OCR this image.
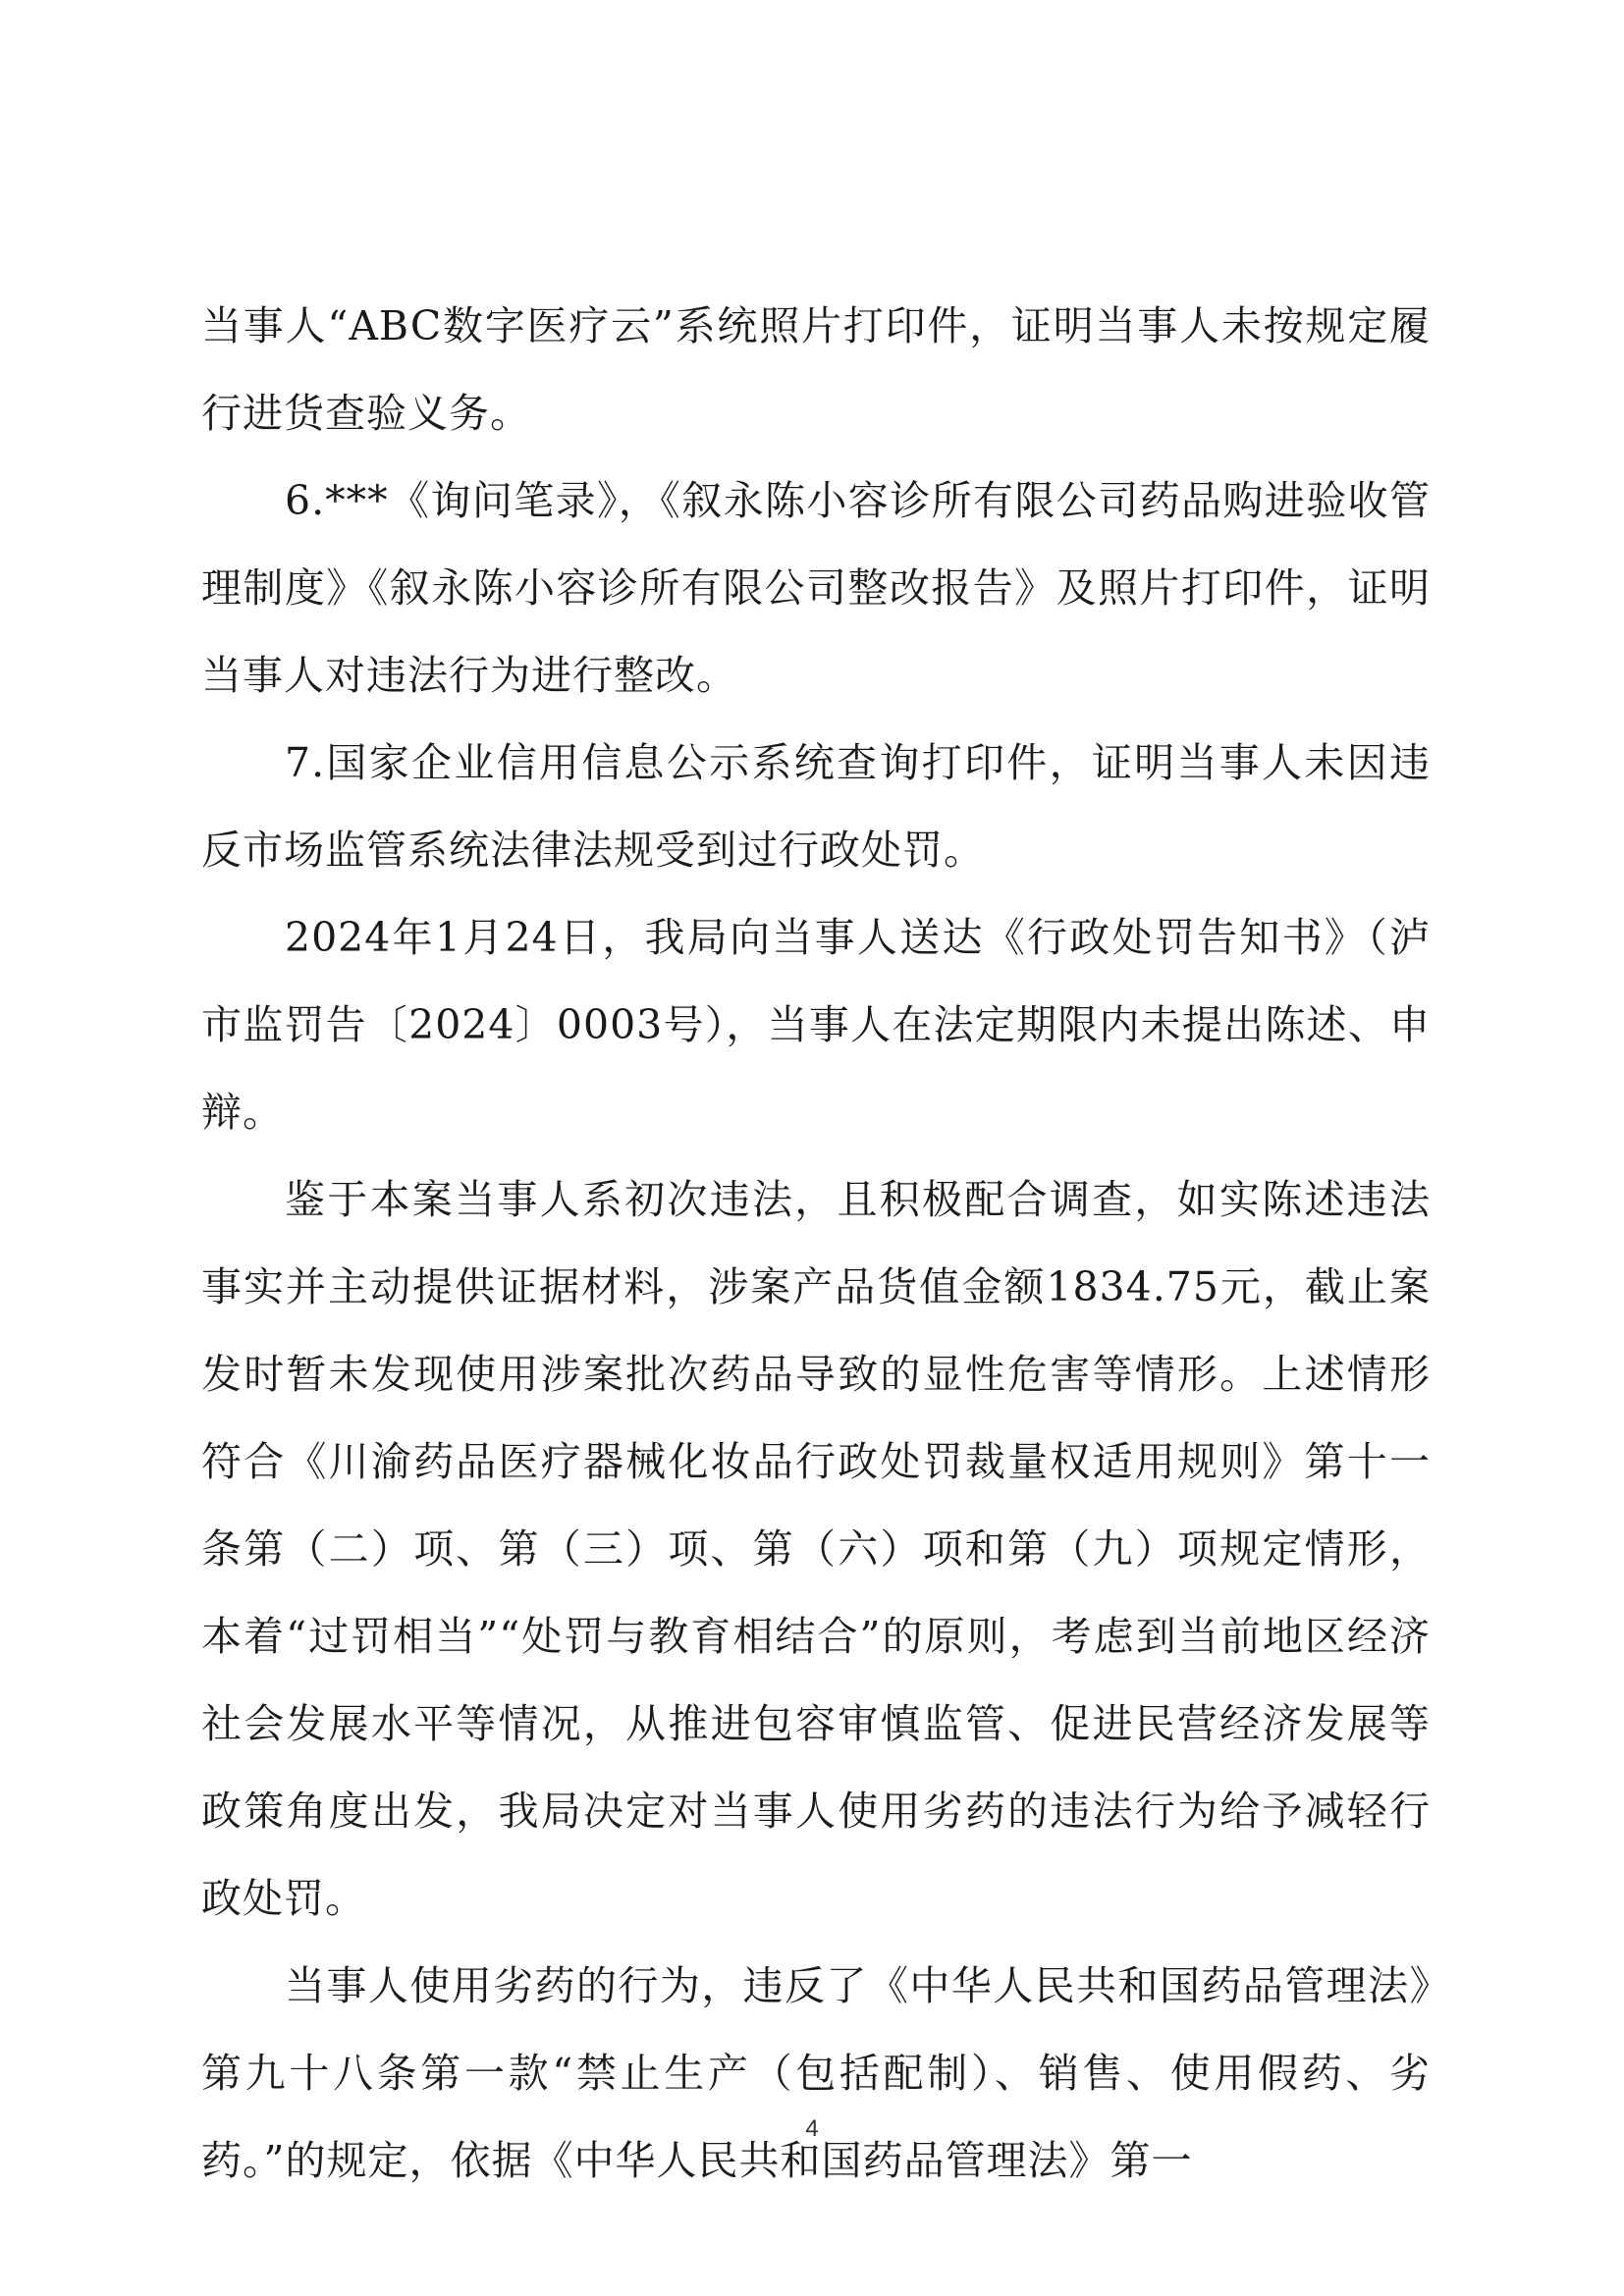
当事人“ABC数字医疗云”系统照片打印件，证明当事人未按规定履行进货查验义务。

6.***《询问笔录》，《叙永陈小容诊所有限公司药品购进验收管理制度》《叙永陈小容诊所有限公司整改报告》及照片打印件，证明当事人对违法行为进行整改。

7.国家企业信用信息公示系统查询打印件，证明当事人未因违反市场监管系统法律法规受到过行政处罚。

2024年1月24日，我局向当事人送达《行政处罚告知书》（泸市监罚告〔2024〕0003号），当事人在法定期限内未提出陈述、申辩。

鉴于本案当事人系初次违法，且积极配合调查，如实陈述违法事实并主动提供证据材料，涉案产品货值金额1834.75元，截止案发时暂未发现使用涉案批次药品导致的显性危害等情形。上述情形符合《川渝药品医疗器械化妆品行政处罚裁量权适用规则》第十一条第（二）项、第（三）项、第（六）项和第（九）项规定情形，本着“过罚相当”“处罚与教育相结合”的原则，考虑到当前地区经济社会发展水平等情况，从推进包容审慎监管、促进民营经济发展等政策角度出发，我局决定对当事人使用劣药的违法行为给予减轻行政处罚。

当事人使用劣药的行为，违反了《中华人民共和国药品管理法》第九十八条第一款“禁止生产（包括配制）、销售、使用假药、劣药。”的规定，依据《中华人民共和国药品管理法》第一

4
